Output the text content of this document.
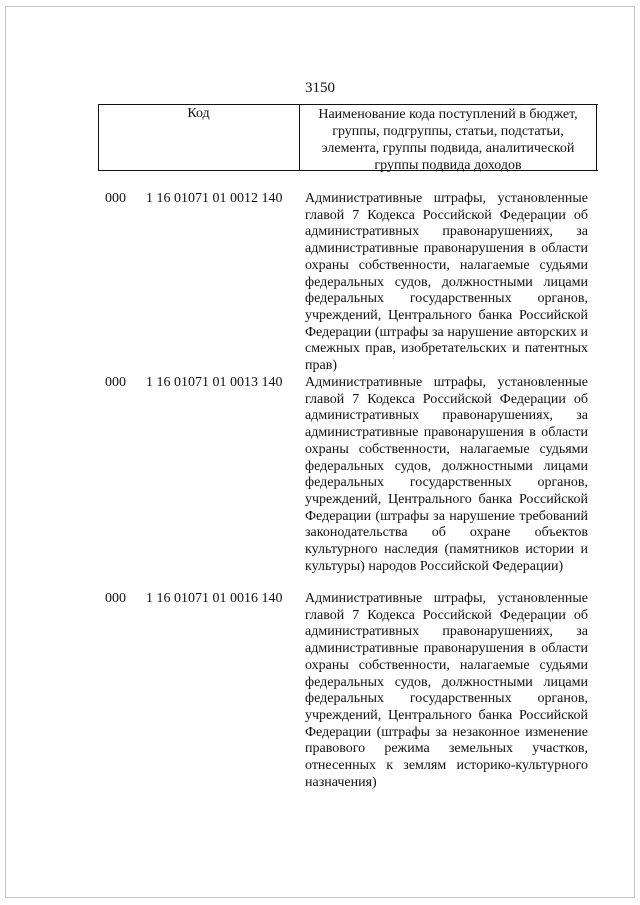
3150
Код	Наименование кода поступлений в бюджет, группы, подгруппы, статьи, подстатьи, элемента, группы подвида, аналитической группы подвида доходов
000 1 16 01071 01 0012 140 Административные штрафы, установленные главой 7 Кодекса Российской Федерации об административных правонарушениях, за административные правонарушения в области охраны собственности, налагаемые судьями федеральных судов, должностными лицами федеральных государственных органов, учреждений, Центрального банка Российской Федерации (штрафы за нарушение авторских и смежных прав, изобретательских и патентных прав)
000 1 16 01071 01 0013 140 Административные штрафы, установленные главой 7 Кодекса Российской Федерации об административных правонарушениях, за административные правонарушения в области охраны собственности, налагаемые судьями федеральных судов, должностными лицами федеральных государственных органов, учреждений, Центрального банка Российской Федерации (штрафы за нарушение требований законодательства об охране объектов культурного наследия (памятников истории и культуры) народов Российской Федерации)
000 1 16 01071 01 0016 140 Административные штрафы, установленные главой 7 Кодекса Российской Федерации об административных правонарушениях, за административные правонарушения в области охраны собственности, налагаемые судьями федеральных судов, должностными лицами федеральных государственных органов, учреждений, Центрального банка Российской Федерации (штрафы за незаконное изменение правового режима земельных участков, отнесенных к землям историко-культурного назначения)
